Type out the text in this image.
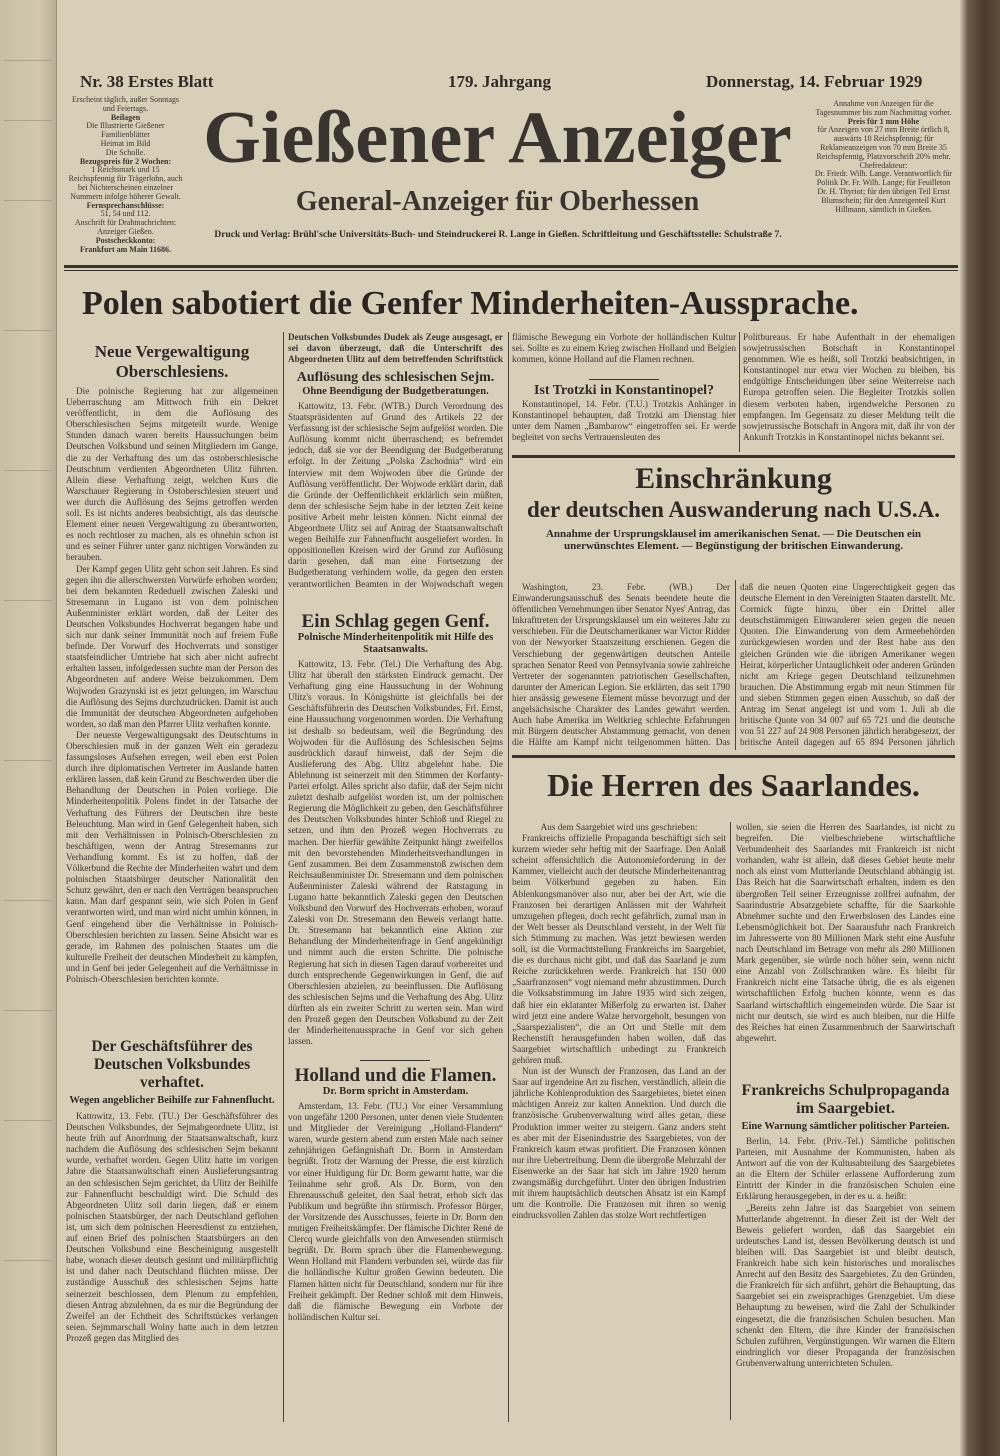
Nr. 38 Erstes Blatt	179. Jahrgang	Donnerstag, 14. Februar 1929
Erscheint täglich, außer Sonntags und Feiertags.
Beilagen
Die Illustrierte Gießener Familienblätter
Heimat im Bild
Die Scholle.
Bezugspreis für 2 Wochen:
1 Reichsmark und 15 Reichspfennig für Trägerlohn, auch bei Nichterscheinen einzelner Nummern infolge höherer Gewalt.
Fernsprechanschlüsse:
51, 54 und 112.
Anschrift für Drahtnachrichten: Anzeiger Gießen.
Postscheckkonto:
Frankfurt am Main 11686.
Gießener Anzeiger
General-Anzeiger für Oberhessen
Druck und Verlag: Brühl'sche Universitäts-Buch- und Steindruckerei R. Lange in Gießen. Schriftleitung und Geschäftsstelle: Schulstraße 7.
Annahme von Anzeigen für die Tagesnummer bis zum Nachmittag vorher.
Preis für 1 mm Höhe
für Anzeigen von 27 mm Breite örtlich 8, auswärts 10 Reichspfennig; für Reklameanzeigen von 70 mm Breite 35 Reichspfennig, Platzvorschrift 20% mehr.
Chefredakteur:
Dr. Friedr. Wilh. Lange. Verantwortlich für Politik Dr. Fr. Wilh. Lange; für Feuilleton Dr. H. Thyriot; für den übrigen Teil Ernst Blumschein; für den Anzeigenteil Kurt Hillmann, sämtlich in Gießen.
Polen sabotiert die Genfer Minderheiten-Aussprache.
Neue Vergewaltigung Oberschlesiens.

Die polnische Regierung hat zur allgemeinen Ueberraschung am Mittwoch früh ein Dekret veröffentlicht, in dem die Auflösung des Oberschlesischen Sejms mitgeteilt wurde. Wenige Stunden danach waren bereits Haussuchungen beim Deutschen Volksbund und seinen Mitgliedern im Gange, die zu der Verhaftung des um das ostoberschlesische Deutschtum verdienten Abgeordneten Ulitz führten. Allein diese Verhaftung zeigt, welchen Kurs die Warschauer Regierung in Ostoberschlesien steuert und wer durch die Auflösung des Sejms getroffen werden soll. Es ist nichts anderes beabsichtigt, als das deutsche Element einer neuen Vergewaltigung zu überantworten, es noch rechtloser zu machen, als es ohnehin schon ist und es seiner Führer unter ganz nichtigen Vorwänden zu berauben.

Der Kampf gegen Ulitz geht schon seit Jahren. Es sind gegen ihn die allerschwersten Vorwürfe erhoben worden; bei dem bekannten Rededuell zwischen Zaleski und Stresemann in Lugano ist von dem polnischen Außenminister erklärt worden, daß der Leiter des Deutschen Volksbundes Hochverrat begangen habe und sich nur dank seiner Immunität noch auf freiem Fuße befinde. Der Vorwurf des Hochverrats und sonstiger staatsfeindlicher Umtriebe hat sich aber nicht aufrecht erhalten lassen, infolgedessen suchte man der Person des Abgeordneten auf andere Weise beizukommen. Dem Wojwoden Grazynski ist es jetzt gelungen, im Warschau die Auflösung des Sejms durchzudrücken. Damit ist auch die Immunität der deutschen Abgeordneten aufgehoben worden, so daß man den Pfarrer Ulitz verhaften konnte.

Der neueste Vergewaltigungsakt des Deutschtums in Oberschlesien muß in der ganzen Welt ein geradezu fassungsloses Aufsehen erregen, weil eben erst Polen durch ihre diplomatischen Vertreter im Auslande hatten erklären lassen, daß kein Grund zu Beschwerden über die Behandlung der Deutschen in Polen vorliege. Die Minderheitenpolitik Polens findet in der Tatsache der Verhaftung des Führers der Deutschen ihre beste Beleuchtung. Man wird in Genf Gelegenheit haben, sich mit den Verhältnissen in Polnisch-Oberschlesien zu beschäftigen, wenn der Antrag Stresemanns zur Verhandlung kommt. Es ist zu hoffen, daß der Völkerbund die Rechte der Minderheiten wahrt und dem polnischen Staatsbürger deutscher Nationalität den Schutz gewährt, den er nach den Verträgen beanspruchen kann. Man darf gespannt sein, wie sich Polen in Genf verantworten wird, und man wird nicht umhin können, in Genf eingehend über die Verhältnisse in Polnisch-Oberschlesien berichten zu lassen. Seine Absicht war es gerade, im Rahmen des polnischen Staates um die kulturelle Freiheit der deutschen Minderheit zu kämpfen, und in Genf bei jeder Gelegenheit auf die Verhältnisse in Polnisch-Oberschlesien berichten konnte.

Der Geschäftsführer des Deutschen Volksbundes verhaftet.
Wegen angeblicher Beihilfe zur Fahnenflucht.

Kattowitz, 13. Febr. (TU.) Der Geschäftsführer des Deutschen Volksbundes, der Sejmabgeordnete Ulitz, ist heute früh auf Anordnung der Staatsanwaltschaft, kurz nachdem die Auflösung des schlesischen Sejm bekannt wurde, verhaftet worden. Gegen Ulitz hatte im vorigen Jahre die Staatsanwaltschaft einen Auslieferungsantrag an den schlesischen Sejm gerichtet, da Ulitz der Beihilfe zur Fahnenflucht beschuldigt wird. Die Schuld des Abgeordneten Ulitz soll darin liegen, daß er einem polnischen Staatsbürger, der nach Deutschland geflohen ist, um sich dem polnischen Heeresdienst zu entziehen, auf einen Brief des polnischen Staatsbürgers an den Deutschen Volksbund eine Bescheinigung ausgestellt habe, wonach dieser deutsch gesinnt und militärpflichtig ist und daher nach Deutschland flüchten müsse. Der zuständige Ausschuß des schlesischen Sejms hatte seinerzeit beschlossen, dem Plenum zu empfehlen, diesen Antrag abzulehnen, da es nur die Begründung der Zweifel an der Echtheit des Schriftstückes verlangen seien. Sejmmarschall Wolny hatte auch in dem letzten Prozeß gegen das Mitglied des

Deutschen Volksbundes Dudek als Zeuge ausgesagt, er sei davon überzeugt, daß die Unterschrift des Abgeordneten Ulitz auf dem betreffenden Schriftstück

Auflösung des schlesischen Sejm.
Ohne Beendigung der Budgetberatungen.

Kattowitz, 13. Febr. (WTB.) Durch Verordnung des Staatspräsidenten auf Grund des Artikels 22 der Verfassung ist der schlesische Sejm aufgelöst worden. Die Auflösung kommt nicht überraschend; es befremdet jedoch, daß sie vor der Beendigung der Budgetberatung erfolgt. In der Zeitung „Polska Zachodnia“ wird ein Interview mit dem Wojwoden über die Gründe der Auflösung veröffentlicht. Der Wojwode erklärt darin, daß die Gründe der Oeffentlichkeit erklärlich sein müßten, denn der schlesische Sejm habe in der letzten Zeit keine positive Arbeit mehr leisten können. Nicht einmal der Abgeordnete Ulitz sei auf Antrag der Staatsanwaltschaft wegen Beihilfe zur Fahnenflucht ausgeliefert worden. In oppositionellen Kreisen wird der Grund zur Auflösung darin gesehen, daß man eine Fortsetzung der Budgetberatung verhindern wolle, da gegen den ersten verantwortlichen Beamten in der Wojwodschaft wegen

Ein Schlag gegen Genf.
Polnische Minderheitenpolitik mit Hilfe des Staatsanwalts.

Kattowitz, 13. Febr. (Tel.) Die Verhaftung des Abg. Ulitz hat überall den stärksten Eindruck gemacht. Der Verhaftung ging eine Haussuchung in der Wohnung Ulitz's voraus. In Königshütte ist gleichfalls bei der Geschäftsführerin des Deutschen Volksbundes, Frl. Ernst, eine Haussuchung vorgenommen worden. Die Verhaftung ist deshalb so bedeutsam, weil die Begründung des Wojwoden für die Auflösung des Schlesischen Sejms ausdrücklich darauf hinweist, daß der Sejm die Auslieferung des Abg. Ulitz abgelehnt habe. Die Ablehnung ist seinerzeit mit den Stimmen der Korfanty-Partei erfolgt. Alles spricht also dafür, daß der Sejm nicht zuletzt deshalb aufgelöst worden ist, um der polnischen Regierung die Möglichkeit zu geben, den Geschäftsführer des Deutschen Volksbundes hinter Schloß und Riegel zu setzen, und ihm den Prozeß wegen Hochverrats zu machen. Der hierfür gewählte Zeitpunkt hängt zweifellos mit den bevorstehenden Minderheitsverhandlungen in Genf zusammen. Bei dem Zusammenstoß zwischen dem Reichsaußenminister Dr. Stresemann und dem polnischen Außenminister Zaleski während der Ratstagung in Lugano hatte bekanntlich Zaleski gegen den Deutschen Volksbund den Vorwurf des Hochverrats erhoben, worauf Zaleski von Dr. Stresemann den Beweis verlangt hatte. Dr. Stresemann hat bekanntlich eine Aktion zur Behandlung der Minderheitenfrage in Genf angekündigt und nimmt auch die ersten Schritte. Die polnische Regierung hat sich in diesen Tagen darauf vorbereitet und durch entsprechende Gegenwirkungen in Genf, die auf Oberschlesien abzielen, zu beeinflussen. Die Auflösung des schlesischen Sejms und die Verhaftung des Abg. Ulitz dürften als ein zweiter Schritt zu werten sein. Man wird den Prozeß gegen den Deutschen Volksbund zu der Zeit der Minderheitenaussprache in Genf vor sich gehen lassen.

Holland und die Flamen.
Dr. Borm spricht in Amsterdam.

Amsterdam, 13. Febr. (TU.) Vor einer Versammlung von ungefähr 1200 Personen, unter denen viele Studenten und Mitglieder der Vereinigung „Holland-Flandern“ waren, wurde gestern abend zum ersten Male nach seiner zehnjährigen Gefängnishaft Dr. Borm in Amsterdam begrüßt. Trotz der Warnung der Presse, die erst kürzlich vor einer Huldigung für Dr. Borm gewarnt hatte, war die Teilnahme sehr groß. Als Dr. Borm, von den Ehrenausschuß geleitet, den Saal betrat, erhob sich das Publikum und begrüßte ihn stürmisch. Professor Bürger, der Vorsitzende des Ausschusses, feierte in Dr. Borm den mutigen Freiheitskämpfer. Der flämische Dichter René de Clercq wurde gleichfalls von den Anwesenden stürmisch begrüßt. Dr. Borm sprach über die Flamenbewegung. Wenn Holland mit Flandern verbunden sei, würde das für die holländische Kultur großen Gewinn bedeuten. Die Flamen hätten nicht für Deutschland, sondern nur für ihre Freiheit gekämpft. Der Redner schloß mit dem Hinweis, daß die flämische Bewegung ein Vorbote der holländischen Kultur sei.

flämische Bewegung ein Vorbote der holländischen Kultur sei. Sollte es zu einem Krieg zwischen Holland und Belgien kommen, könne Holland auf die Flamen rechnen.

Ist Trotzki in Konstantinopel?

Konstantinopel, 14. Febr. (T.U.) Trotzkis Anhänger in Konstantinopel behaupten, daß Trotzki am Dienstag hier unter dem Namen „Bambarow“ eingetroffen sei. Er werde begleitet von sechs Vertrauensleuten des

Politbureaus. Er habe Aufenthalt in der ehemaligen sowjetrussischen Botschaft in Konstantinopel genommen. Wie es heißt, soll Trotzki beabsichtigen, in Konstantinopel nur etwa vier Wochen zu bleiben, bis endgültige Entscheidungen über seine Weiterreise nach Europa getroffen seien. Die Begleiter Trotzkis sollen diesem verboten haben, irgendwelche Personen zu empfangen. Im Gegensatz zu dieser Meldung teilt die sowjetrussische Botschaft in Angora mit, daß ihr von der Ankunft Trotzkis in Konstantinopel nichts bekannt sei.

Einschränkung
der deutschen Auswanderung nach U.S.A.
Annahme der Ursprungsklausel im amerikanischen Senat. — Die Deutschen ein unerwünschtes Element. — Begünstigung der britischen Einwanderung.

Washington, 23. Febr. (WB.) Der Einwanderungsausschuß des Senats beendete heute die öffentlichen Vernehmungen über Senator Nyes' Antrag, das Inkrafttreten der Ursprungsklausel um ein weiteres Jahr zu verschieben. Für die Deutschamerikaner war Victor Ridder von der Newyorker Staatszeitung erschienen. Gegen die Verschiebung der gegenwärtigen deutschen Anteile sprachen Senator Reed von Pennsylvania sowie zahlreiche Vertreter der sogenannten patriotischen Gesellschaften, darunter der American Legion. Sie erklärten, das seit 1790 hier ansässig gewesene Element müsse bevorzugt und der angelsächsische Charakter des Landes gewahrt werden. Auch habe Amerika im Weltkrieg schlechte Erfahrungen mit Bürgern deutscher Abstammung gemacht, von denen die Hälfte am Kampf nicht teilgenommen hätten. Das

daß die neuen Quoten eine Ungerechtigkeit gegen das deutsche Element in den Vereinigten Staaten darstellt. Mc. Cormick fügte hinzu, über ein Drittel aller deutschstämmigen Einwanderer seien gegen die neuen Quoten. Die Einwanderung von dem Armeebehörden zurückgewiesen worden und der Rest habe aus den gleichen Gründen wie die übrigen Amerikaner wegen Heirat, körperlicher Untauglichkeit oder anderen Gründen nicht am Kriege gegen Deutschland teilzunehmen brauchen. Die Abstimmung ergab mit neun Stimmen für und sieben Stimmen gegen einen Ausschub, so daß der Antrag im Senat angelegt ist und vom 1. Juli ab die britische Quote von 34 007 auf 65 721 und die deutsche von 51 227 auf 24 908 Personen jährlich herabgesetzt, der britische Anteil dagegen auf 65 894 Personen jährlich

Die Herren des Saarlandes.

Aus dem Saargebiet wird uns geschrieben:

Frankreichs offizielle Propaganda beschäftigt sich seit kurzem wieder sehr heftig mit der Saarfrage. Den Anlaß scheint offensichtlich die Autonomieforderung in der Kammer, vielleicht auch der deutsche Minderheitenantrag beim Völkerbund gegeben zu haben. Ein Ablenkungsmanöver also nur, aber bei der Art, wie die Franzosen bei derartigen Anlässen mit der Wahrheit umzugehen pflegen, doch recht gefährlich, zumal man in der Welt besser als Deutschland versteht, in der Welt für sich Stimmung zu machen. Was jetzt bewiesen werden soll, ist die Vormachtstellung Frankreichs im Saargebiet, die es durchaus nicht gibt, und daß das Saarland je zum Reiche zurückkehren werde. Frankreich hat 150 000 „Saarfranzosen“ vogt niemand mehr abzustimmen. Durch die Volksabstimmung im Jahre 1935 wird sich zeigen, daß hier ein eklatanter Mißerfolg zu erwarten ist. Daher wird jetzt eine andere Walze hervorgeholt, besungen von „Saarspezialisten“, die an Ort und Stelle mit dem Rechenstift herausgefunden haben wollen, daß das Saargebiet wirtschaftlich unbedingt zu Frankreich gehören muß.

Nun ist der Wunsch der Franzosen, das Land an der Saar auf irgendeine Art zu fischen, verständlich, allein die jährliche Kohlenproduktion des Saargebietes, bietet einen mächtigen Anreiz zur kalten Annektion. Und durch die französische Grubenverwaltung wird alles getan, diese Produktion immer weiter zu steigern. Ganz anders steht es aber mit der Eisenindustrie des Saargebietes, von der Frankreich kaum etwas profitiert. Die Franzosen können nur ihre Uebertreibung. Denn die übergroße Mehrzahl der Eisenwerke an der Saar hat sich im Jahre 1920 herum zwangsmäßig durchgeführt. Unter den übrigen Industrien mit ihrem hauptsächlich deutschen Absatz ist ein Kampf um die Kontrolle. Die Franzosen mit ihren so wenig eindrucksvollen Zahlen das stolze Wort rechtfertigen

wollen, sie seien die Herren des Saarlandes, ist nicht zu begreifen. Die vielbeschriebene wirtschaftliche Verbundenheit des Saarlandes mit Frankreich ist nicht vorhanden, wahr ist allein, daß dieses Gebiet heute mehr noch als einst vom Mutterlande Deutschland abhängig ist. Das Reich hat die Saarwirtschaft erhalten, indem es den übergroßen Teil seiner Erzeugnisse zollfrei aufnahm, der Saarindustrie Absatzgebiete schaffte, für die Saarkohle Abnehmer suchte und den Erwerbslosen des Landes eine Lebensmöglichkeit bot. Der Saarausfuhr nach Frankreich im Jahreswerte von 80 Millionen Mark steht eine Ausfuhr nach Deutschland im Betrage von mehr als 280 Millionen Mark gegenüber, sie würde noch höher sein, wenn nicht eine Anzahl von Zollschranken wäre. Es bleibt für Frankreich nicht eine Tatsache übrig, die es als eigenen wirtschaftlichen Erfolg buchen könnte, wenn es das Saarland wirtschaftlich eingemeinden würde. Die Saar ist nicht nur deutsch, sie wird es auch bleiben, nur die Hilfe des Reiches hat einen Zusammenbruch der Saarwirtschaft abgewehrt.

Frankreichs Schulpropaganda im Saargebiet.
Eine Warnung sämtlicher politischer Parteien.

Berlin, 14. Febr. (Priv.-Tel.) Sämtliche politischen Parteien, mit Ausnahme der Kommunisten, haben als Antwort auf die von der Kultusabteilung des Saargebietes an die Eltern der Schüler erlassene Aufforderung zum Eintritt der Kinder in die französischen Schulen eine Erklärung herausgegeben, in der es u. a. heißt:

„Bereits zehn Jahre ist das Saargebiet von seinem Mutterlande abgetrennt. In dieser Zeit ist der Welt der Beweis geliefert worden, daß das Saargebiet ein urdeutsches Land ist, dessen Bevölkerung deutsch ist und bleiben will. Das Saargebiet ist und bleibt deutsch, Frankreich habe sich kein historisches und moralisches Anrecht auf den Besitz des Saargebietes. Zu den Gründen, die Frankreich für sich anführt, gehört die Behauptung, das Saargebiet sei ein zweisprachiges Grenzgebiet. Um diese Behauptung zu beweisen, wird die Zahl der Schulkinder eingesetzt, die die französischen Schulen besuchen. Man schenkt den Eltern, die ihre Kinder der französischen Schulen zuführen, Vergünstigungen. Wir warnen die Eltern eindringlich vor dieser Propaganda der französischen Grubenverwaltung unterrichteten Schulen.
